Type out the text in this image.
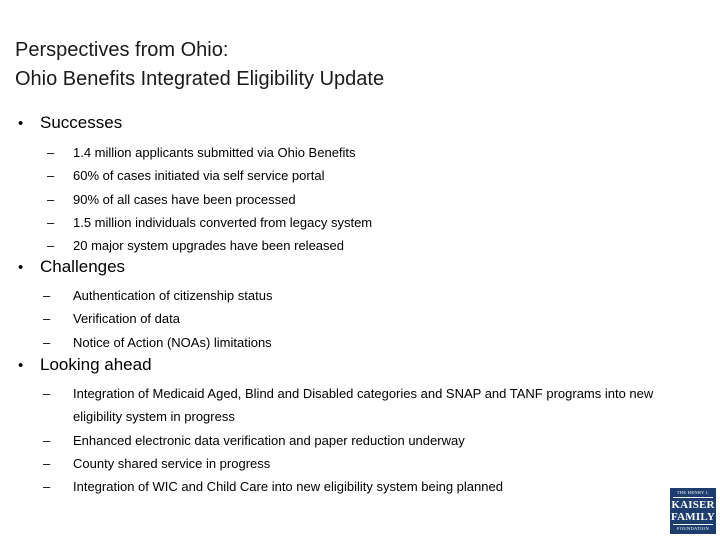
Perspectives from Ohio:
Ohio Benefits Integrated Eligibility Update
• Successes
–	1.4 million applicants submitted via Ohio Benefits
–	60% of cases initiated via self service portal
–	90% of all cases have been processed
–	1.5 million individuals converted from legacy system
–	20 major system upgrades have been released
• Challenges
–	Authentication of citizenship status
–	Verification of data
–	Notice of Action (NOAs) limitations
• Looking ahead
–	Integration of Medicaid Aged, Blind and Disabled categories and SNAP and TANF programs into new eligibility system in progress
–	Enhanced electronic data verification and paper reduction underway
–	County shared service in progress
–	Integration of WIC and Child Care into new eligibility system being planned	THE HENRY J.
KAISER
FAMILY
FOUNDATION
